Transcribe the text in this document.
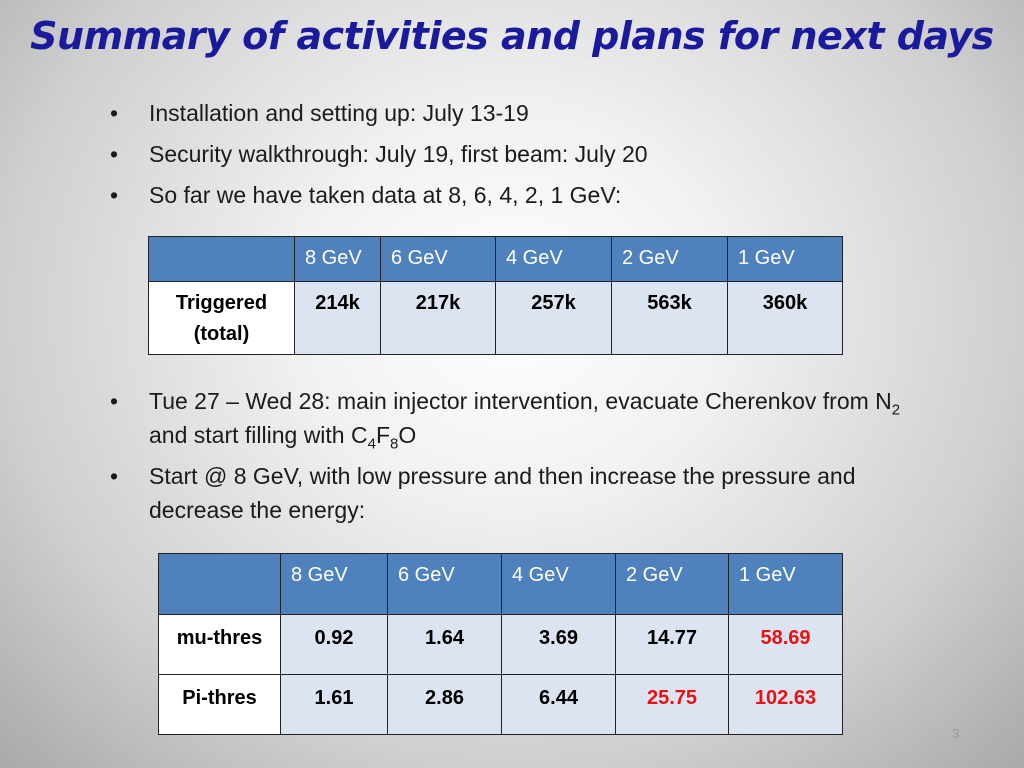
Summary of activities and plans for next days
• Installation and setting up: July 13-19
• Security walkthrough: July 19, first beam: July 20
• So far we have taken data at 8, 6, 4, 2, 1 GeV:
	8 GeV	6 GeV	4 GeV	2 GeV	1 GeV
Triggered
(total)	214k	217k	257k	563k	360k
• Tue 27 – Wed 28: main injector intervention, evacuate Cherenkov from $N_2$ and start filling with $C_4F_8O$
• Start @ 8 GeV, with low pressure and then increase the pressure and decrease the energy:
	8 GeV	6 GeV	4 GeV	2 GeV	1 GeV
mu-thres	0.92	1.64	3.69	14.77	58.69
Pi-thres	1.61	2.86	6.44	25.75	102.63
3
